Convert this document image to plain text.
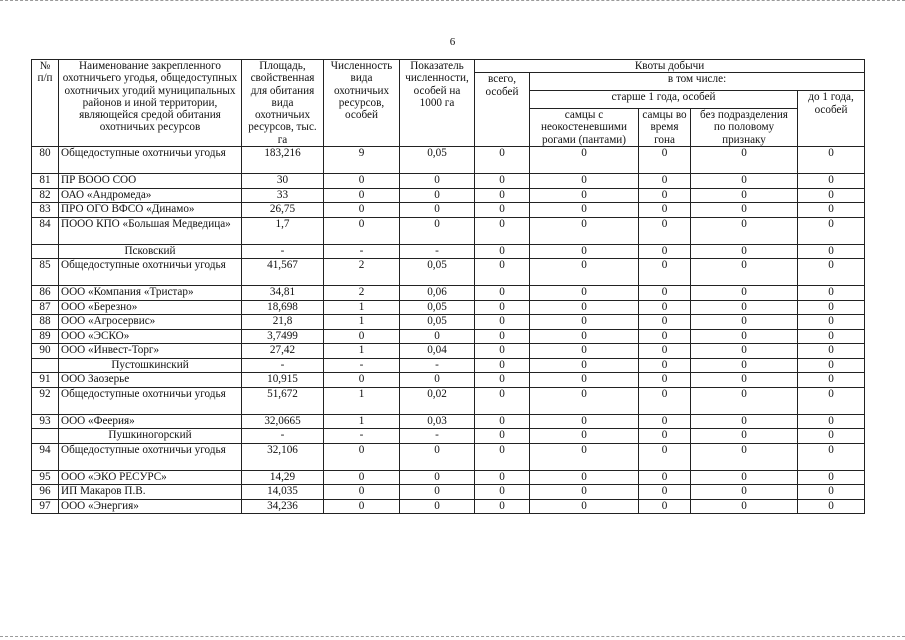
6
№ п/п	Наименование закрепленного охотничьего угодья, общедоступных охотничьих угодий муниципальных районов и иной территории, являющейся средой обитания охотничьих ресурсов	Площадь, свойственная для обитания вида охотничьих ресурсов, тыс. га	Численность вида охотничьих ресурсов, особей	Показатель численности, особей на 1000 га	Квоты добычи				
					всего, особей	в том числе:			
						старше 1 года, особей			до 1 года, особей
						самцы с неокостеневшими рогами (пантами)	самцы во время гона	без подразделения по половому признаку	
80	Общедоступные охотничьи угодья	183,216	9	0,05	0	0	0	0	0
81	ПР ВООО СОО	30	0	0	0	0	0	0	0
82	ОАО «Андромеда»	33	0	0	0	0	0	0	0
83	ПРО ОГО ВФСО «Динамо»	26,75	0	0	0	0	0	0	0
84	ПООО КПО «Большая Медведица»	1,7	0	0	0	0	0	0	0
	Псковский	-	-	-	0	0	0	0	0
85	Общедоступные охотничьи угодья	41,567	2	0,05	0	0	0	0	0
86	ООО «Компания «Тристар»	34,81	2	0,06	0	0	0	0	0
87	ООО «Березно»	18,698	1	0,05	0	0	0	0	0
88	ООО «Агросервис»	21,8	1	0,05	0	0	0	0	0
89	ООО «ЭСКО»	3,7499	0	0	0	0	0	0	0
90	ООО «Инвест-Торг»	27,42	1	0,04	0	0	0	0	0
	Пустошкинский	-	-	-	0	0	0	0	0
91	ООО Заозерье	10,915	0	0	0	0	0	0	0
92	Общедоступные охотничьи угодья	51,672	1	0,02	0	0	0	0	0
93	ООО «Феерия»	32,0665	1	0,03	0	0	0	0	0
	Пушкиногорский	-	-	-	0	0	0	0	0
94	Общедоступные охотничьи угодья	32,106	0	0	0	0	0	0	0
95	ООО «ЭКО РЕСУРС»	14,29	0	0	0	0	0	0	0
96	ИП Макаров П.В.	14,035	0	0	0	0	0	0	0
97	ООО «Энергия»	34,236	0	0	0	0	0	0	0
